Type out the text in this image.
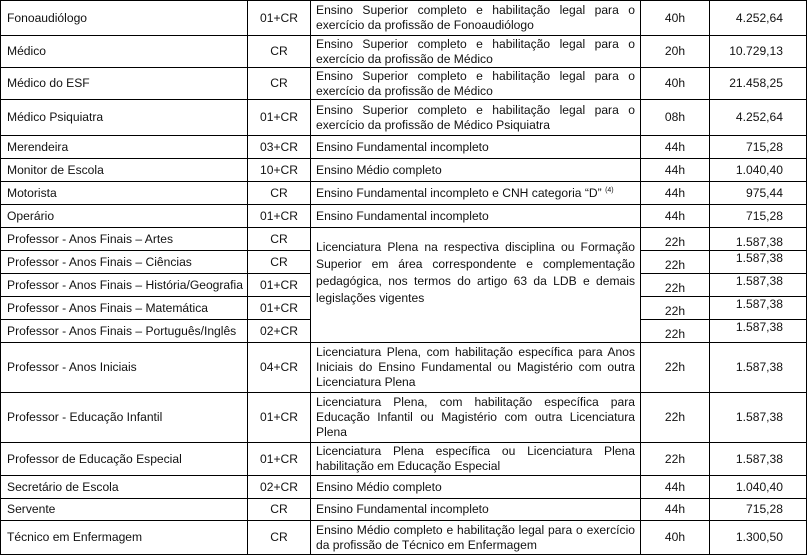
Fonoaudiólogo	01+CR	Ensino Superior completo e habilitação legal para o exercício da profissão de Fonoaudiólogo	40h	4.252,64
Médico	CR	Ensino Superior completo e habilitação legal para o exercício da profissão de Médico	20h	10.729,13
Médico do ESF	CR	Ensino Superior completo e habilitação legal para o exercício da profissão de Médico	40h	21.458,25
Médico Psiquiatra	01+CR	Ensino Superior completo e habilitação legal para o exercício da profissão de Médico Psiquiatra	08h	4.252,64
Merendeira	03+CR	Ensino Fundamental incompleto	44h	715,28
Monitor de Escola	10+CR	Ensino Médio completo	44h	1.040,40
Motorista	CR	Ensino Fundamental incompleto e CNH categoria “D” $^{(4)}$	44h	975,44
Operário	01+CR	Ensino Fundamental incompleto	44h	715,28
Professor - Anos Finais – Artes	CR	Licenciatura Plena na respectiva disciplina ou Formação Superior em área correspondente e complementação pedagógica, nos termos do artigo 63 da LDB e demais legislações vigentes	22h	1.587,38
Professor - Anos Finais – Ciências	CR		22h	1.587,38
Professor - Anos Finais – História/Geografia	01+CR		22h	1.587,38
Professor - Anos Finais – Matemática	01+CR		22h	1.587,38
Professor - Anos Finais – Português/Inglês	02+CR		22h	1.587,38
Professor - Anos Iniciais	04+CR	Licenciatura Plena, com habilitação específica para Anos Iniciais do Ensino Fundamental ou Magistério com outra Licenciatura Plena	22h	1.587,38
Professor - Educação Infantil	01+CR	Licenciatura Plena, com habilitação específica para Educação Infantil ou Magistério com outra Licenciatura Plena	22h	1.587,38
Professor de Educação Especial	01+CR	Licenciatura Plena específica ou Licenciatura Plena habilitação em Educação Especial	22h	1.587,38
Secretário de Escola	02+CR	Ensino Médio completo	44h	1.040,40
Servente	CR	Ensino Fundamental incompleto	44h	715,28
Técnico em Enfermagem	CR	Ensino Médio completo e habilitação legal para o exercício da profissão de Técnico em Enfermagem	40h	1.300,50
